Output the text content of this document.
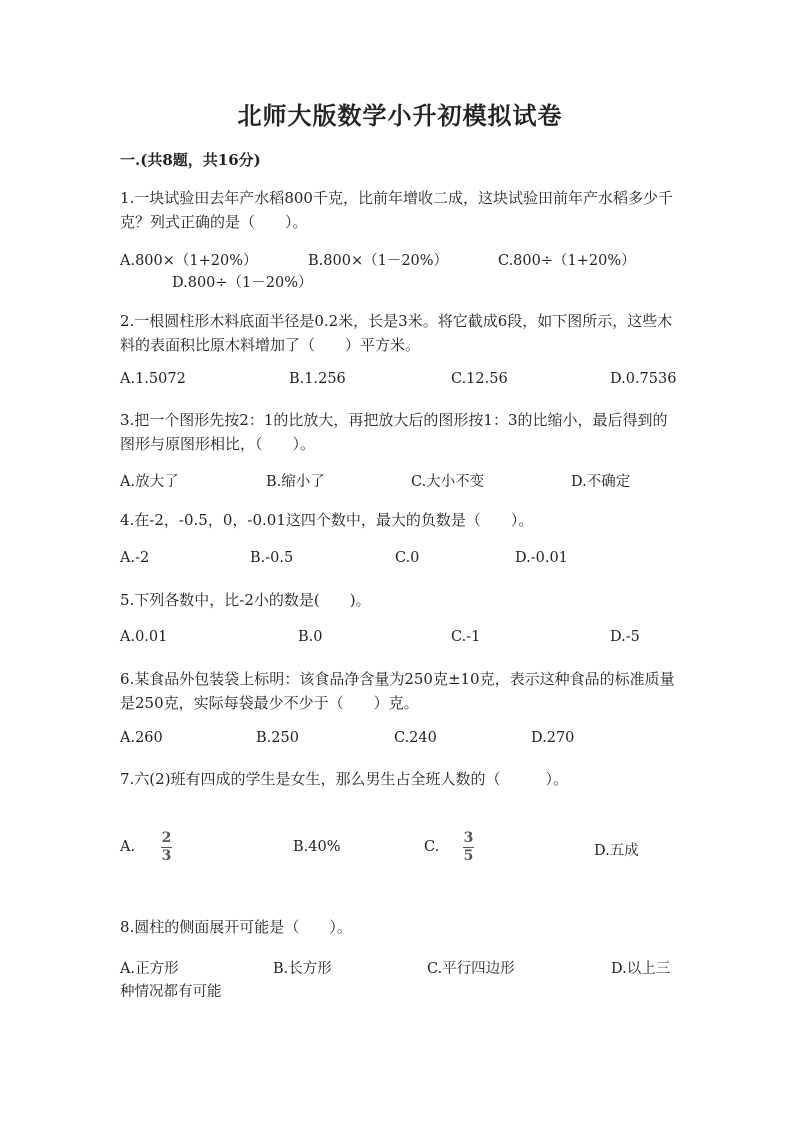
北师大版数学小升初模拟试卷
一.(共8题，共16分)
1.一块试验田去年产水稻800千克，比前年增收二成，这块试验田前年产水稻多少千克？列式正确的是（　　）。
A.800×（1+20%）	B.800×（1－20%）	C.800÷（1+20%）
D.800÷（1－20%）
2.一根圆柱形木料底面半径是0.2米，长是3米。将它截成6段，如下图所示，这些木料的表面积比原木料增加了（　　）平方米。
A.1.5072	B.1.256	C.12.56	D.0.7536
3.把一个图形先按2：1的比放大，再把放大后的图形按1：3的比缩小，最后得到的图形与原图形相比，（　　）。
A.放大了	B.缩小了	C.大小不变	D.不确定
4.在-2，-0.5，0，-0.01这四个数中，最大的负数是（　　）。
A.-2	B.-0.5	C.0	D.-0.01
5.下列各数中，比-2小的数是(　　)。
A.0.01	B.0	C.-1	D.-5
6.某食品外包装袋上标明：该食品净含量为250克±10克，表示这种食品的标准质量是250克，实际每袋最少不少于（　　）克。
A.260	B.250	C.240	D.270
7.六(2)班有四成的学生是女生，那么男生占全班人数的（　　　）。
A.
2
3
B.40%	C.
3
5	D.五成
8.圆柱的侧面展开可能是（　　）。
A.正方形	B.长方形	C.平行四边形	D.以上三
种情况都有可能
